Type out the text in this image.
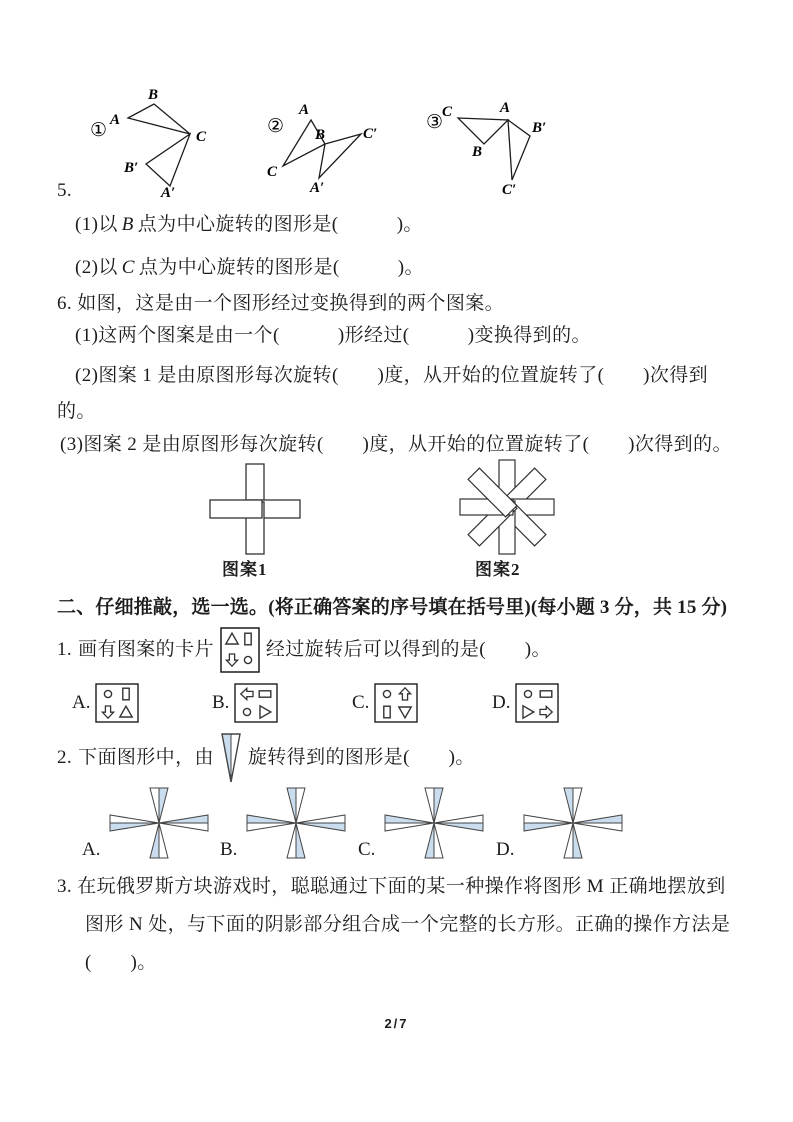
① A
B
C
B′
A′
②
A
B
C
C′
A′
③
C	A
B′
B
C′
5.
(1)以 B 点为中心旋转的图形是(　　　)。
(2)以 C 点为中心旋转的图形是(　　　)。
6. 如图，这是由一个图形经过变换得到的两个图案。
(1)这两个图案是由一个(　　　)形经过(　　　)变换得到的。
(2)图案 1 是由原图形每次旋转(　　)度，从开始的位置旋转了(　　)次得到
的。
(3)图案 2 是由原图形每次旋转(　　)度，从开始的位置旋转了(　　)次得到的。
图案1	图案2
二、仔细推敲，选一选。(将正确答案的序号填在括号里)(每小题 3 分，共 15 分)
1. 画有图案的卡片	经过旋转后可以得到的是(　　)。
A.	B.	C.	D.
2. 下面图形中，由 旋转得到的图形是(　　)。
A.	B.	C.	D.
3. 在玩俄罗斯方块游戏时，聪聪通过下面的某一种操作将图形 M 正确地摆放到
图形 N 处，与下面的阴影部分组合成一个完整的长方形。正确的操作方法是
(　　)。
2/7
